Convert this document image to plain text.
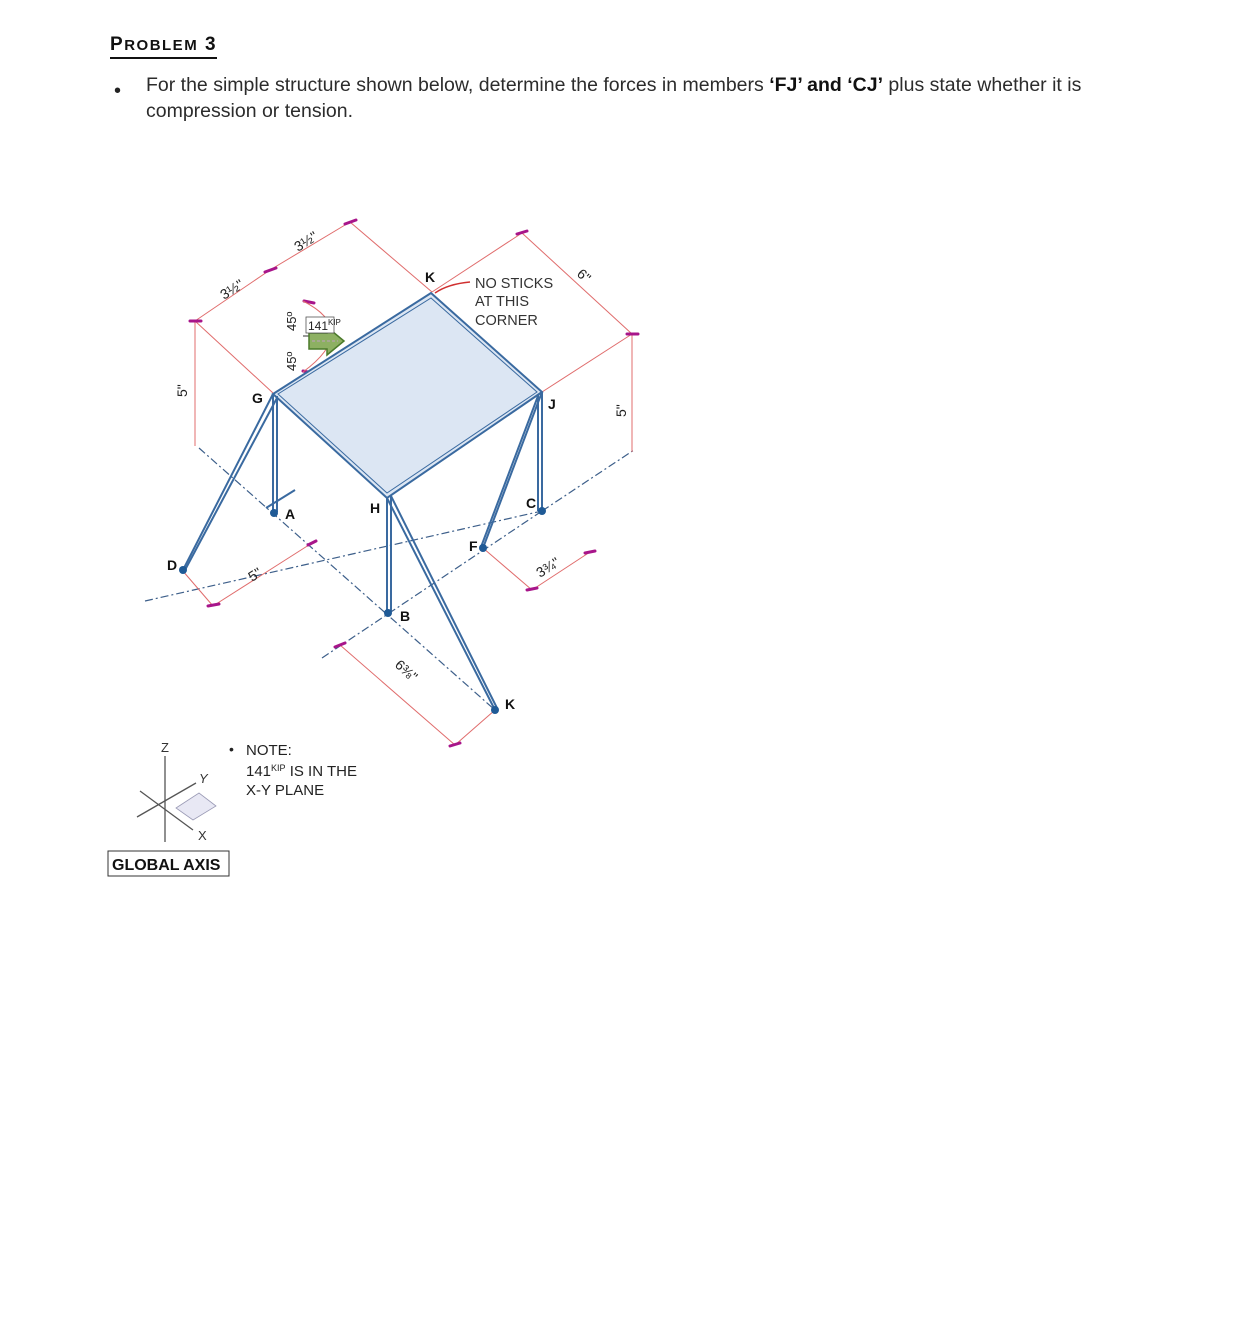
PROBLEM 3
• For the simple structure shown below, determine the forces in members ‘FJ’ and ‘CJ’ plus state whether it is compression or tension.
G
A
D
H
B
K
K
J
C
F
NO STICKS
AT THIS
CORNER
141 KIP
45º
45º
5"
5"
3½"
3½"
6"
5"
6⅜"
3¾"
Z
Y
X
GLOBAL AXIS
• NOTE:
$141^{KIP}$ IS IN THE
X-Y PLANE
